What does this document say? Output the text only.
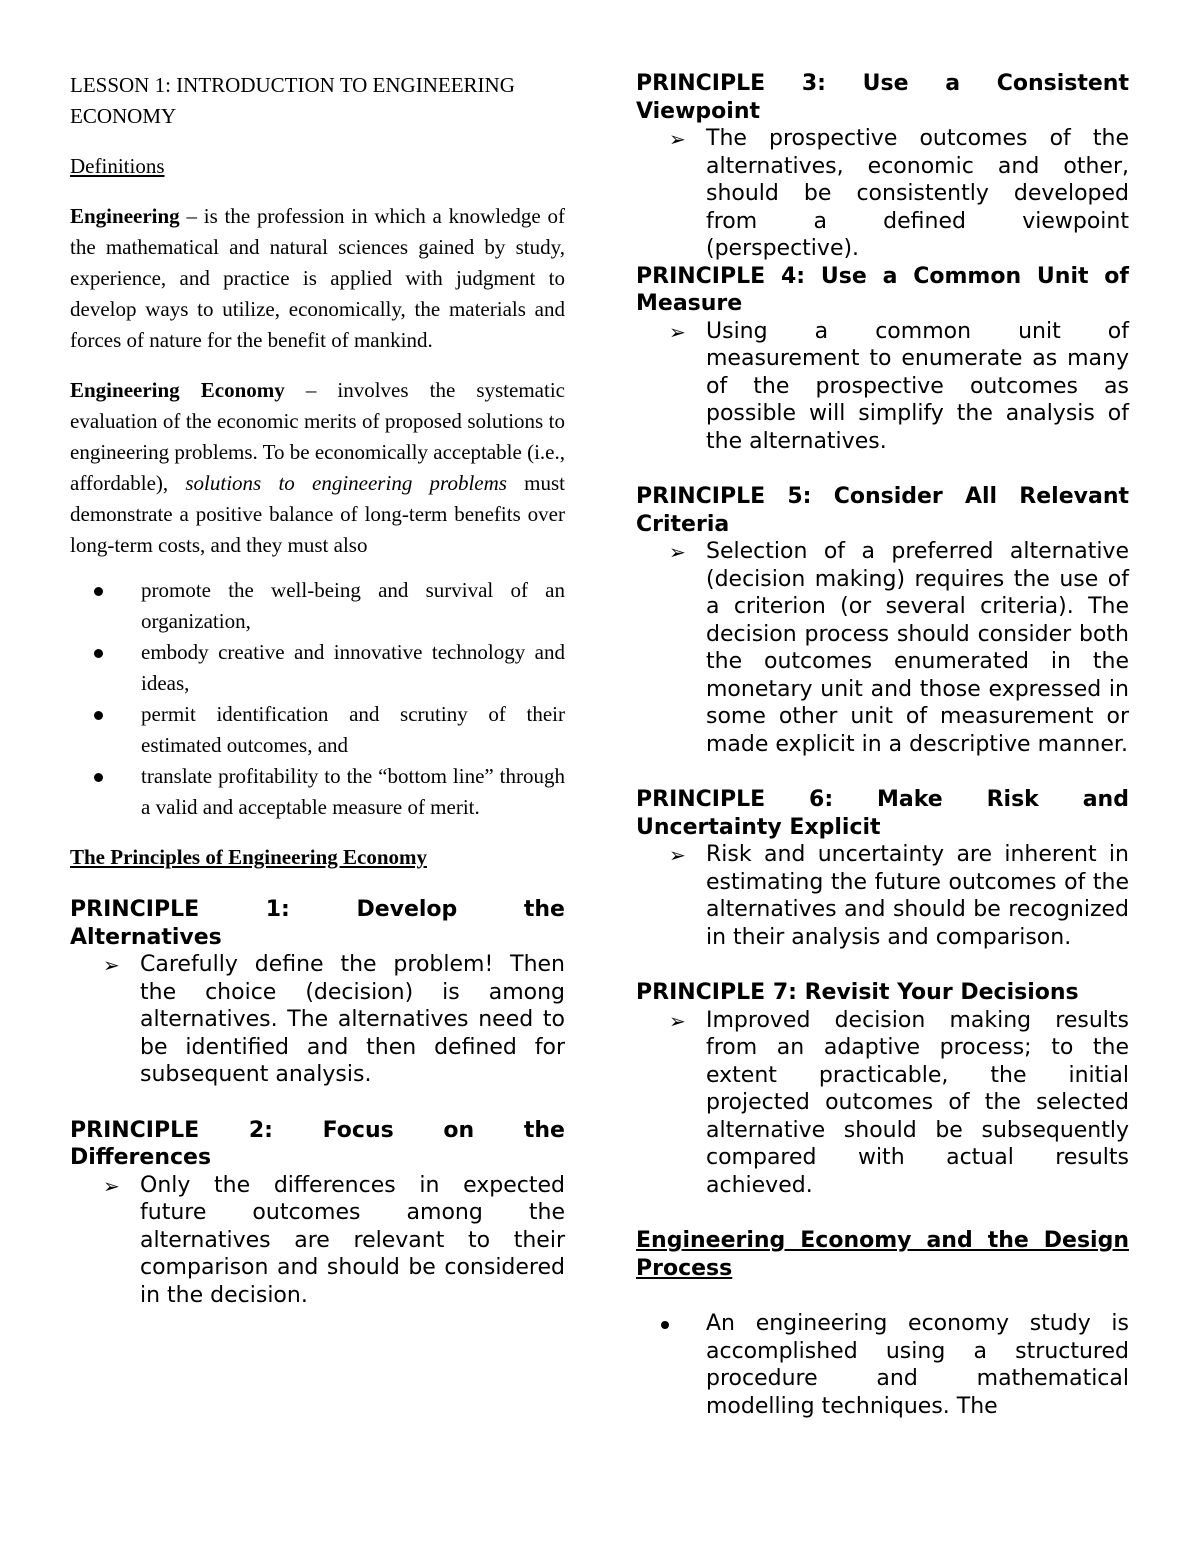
LESSON 1: INTRODUCTION TO ENGINEERING ECONOMY

Definitions

Engineering – is the profession in which a knowledge of the mathematical and natural sciences gained by study, experience, and practice is applied with judgment to develop ways to utilize, economically, the materials and forces of nature for the benefit of mankind.

Engineering Economy – involves the systematic evaluation of the economic merits of proposed solutions to engineering problems. To be economically acceptable (i.e., affordable), solutions to engineering problems must demonstrate a positive balance of long-term benefits over long-term costs, and they must also

promote the well-being and survival of an organization,
embody creative and innovative technology and ideas,
permit identification and scrutiny of their estimated outcomes, and
translate profitability to the “bottom line” through a valid and acceptable measure of merit.

The Principles of Engineering Economy

PRINCIPLE	1:	Develop	the
Alternatives
➢ Carefully define the problem! Then the choice (decision) is among alternatives. The alternatives need to be identified and then defined for subsequent analysis.
PRINCIPLE 2: Focus on the
Differences
➢ Only the differences in expected future outcomes among the alternatives are relevant to their comparison and should be considered in the decision.
PRINCIPLE 3: Use a Consistent
Viewpoint
➢ The prospective outcomes of the alternatives, economic and other, should be consistently developed from a defined viewpoint (perspective).
PRINCIPLE 4: Use a Common Unit of Measure
➢ Using a common unit of measurement to enumerate as many of the prospective outcomes as possible will simplify the analysis of the alternatives.
PRINCIPLE 5: Consider All Relevant Criteria
➢ Selection of a preferred alternative (decision making) requires the use of a criterion (or several criteria). The decision process should consider both the outcomes enumerated in the monetary unit and those expressed in some other unit of measurement or made explicit in a descriptive manner.
PRINCIPLE 6: Make Risk and
Uncertainty Explicit
➢ Risk and uncertainty are inherent in estimating the future outcomes of the alternatives and should be recognized in their analysis and comparison.
PRINCIPLE 7: Revisit Your Decisions
➢ Improved decision making results from an adaptive process; to the extent practicable, the initial projected outcomes of the selected alternative should be subsequently compared with actual results achieved.
Engineering Economy and the Design Process
An engineering economy study is accomplished using a structured procedure and mathematical modelling techniques. The
